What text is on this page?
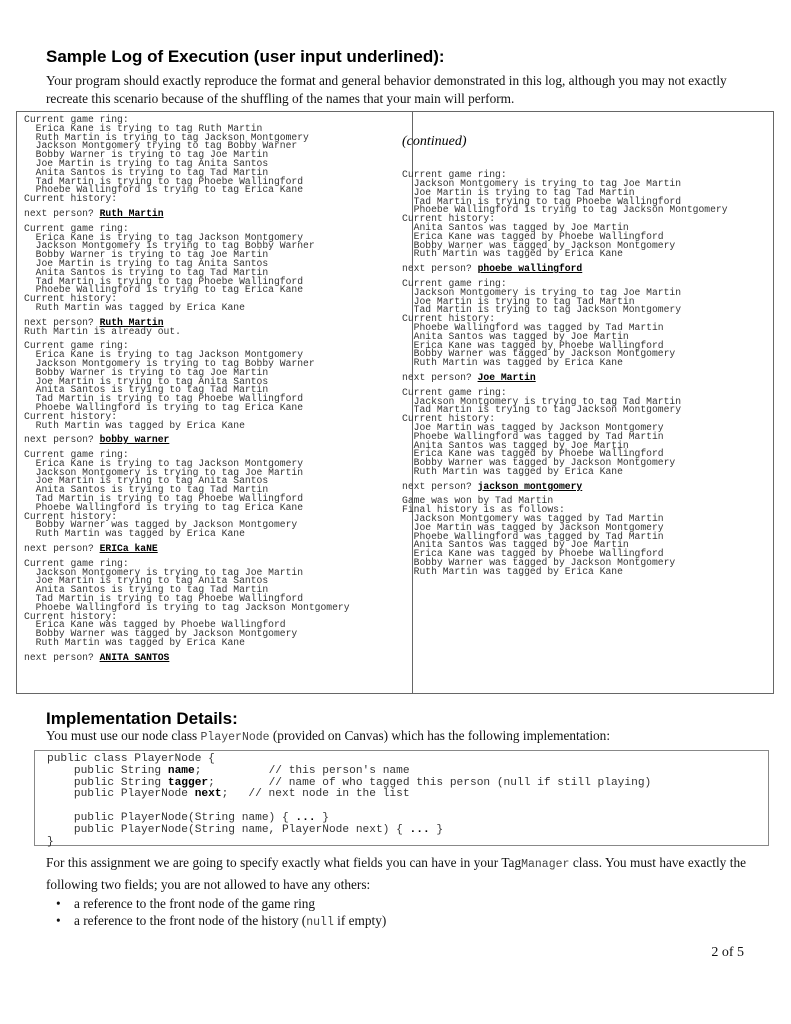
Sample Log of Execution (user input underlined):
Your program should exactly reproduce the format and general behavior demonstrated in this log, although you may not exactly recreate this scenario because of the shuffling of the names that your main will perform.
Current game ring:
Erica Kane is trying to tag Ruth Martin
Ruth Martin is trying to tag Jackson Montgomery
Jackson Montgomery trying to tag Bobby Warner
Bobby Warner is trying to tag Joe Martin
Joe Martin is trying to tag Anita Santos
Anita Santos is trying to tag Tad Martin
Tad Martin is trying to tag Phoebe Wallingford
Phoebe Wallingford is trying to tag Erica Kane
Current history:
next person? Ruth Martin
Current game ring:
Erica Kane is trying to tag Jackson Montgomery
Jackson Montgomery is trying to tag Bobby Warner
Bobby Warner is trying to tag Joe Martin
Joe Martin is trying to tag Anita Santos
Anita Santos is trying to tag Tad Martin
Tad Martin is trying to tag Phoebe Wallingford
Phoebe Wallingford is trying to tag Erica Kane
Current history:
Ruth Martin was tagged by Erica Kane
next person? Ruth Martin
Ruth Martin is already out.
Current game ring:
Erica Kane is trying to tag Jackson Montgomery
Jackson Montgomery is trying to tag Bobby Warner
Bobby Warner is trying to tag Joe Martin
Joe Martin is trying to tag Anita Santos
Anita Santos is trying to tag Tad Martin
Tad Martin is trying to tag Phoebe Wallingford
Phoebe Wallingford is trying to tag Erica Kane
Current history:
Ruth Martin was tagged by Erica Kane
next person? bobby warner
Current game ring:
Erica Kane is trying to tag Jackson Montgomery
Jackson Montgomery is trying to tag Joe Martin
Joe Martin is trying to tag Anita Santos
Anita Santos is trying to tag Tad Martin
Tad Martin is trying to tag Phoebe Wallingford
Phoebe Wallingford is trying to tag Erica Kane
Current history:
Bobby Warner was tagged by Jackson Montgomery
Ruth Martin was tagged by Erica Kane
next person? ERICa kaNE
Current game ring:
Jackson Montgomery is trying to tag Joe Martin
Joe Martin is trying to tag Anita Santos
Anita Santos is trying to tag Tad Martin
Tad Martin is trying to tag Phoebe Wallingford
Phoebe Wallingford is trying to tag Jackson Montgomery
Current history:
Erica Kane was tagged by Phoebe Wallingford
Bobby Warner was tagged by Jackson Montgomery
Ruth Martin was tagged by Erica Kane
next person? ANITA SANTOS

(continued)

Current game ring:
Jackson Montgomery is trying to tag Joe Martin
Joe Martin is trying to tag Tad Martin
Tad Martin is trying to tag Phoebe Wallingford
Phoebe Wallingford is trying to tag Jackson Montgomery
Current history:
Anita Santos was tagged by Joe Martin
Erica Kane was tagged by Phoebe Wallingford
Bobby Warner was tagged by Jackson Montgomery
Ruth Martin was tagged by Erica Kane
next person? phoebe wallingford
Current game ring:
Jackson Montgomery is trying to tag Joe Martin
Joe Martin is trying to tag Tad Martin
Tad Martin is trying to tag Jackson Montgomery
Current history:
Phoebe Wallingford was tagged by Tad Martin
Anita Santos was tagged by Joe Martin
Erica Kane was tagged by Phoebe Wallingford
Bobby Warner was tagged by Jackson Montgomery
Ruth Martin was tagged by Erica Kane
next person? Joe Martin
Current game ring:
Jackson Montgomery is trying to tag Tad Martin
Tad Martin is trying to tag Jackson Montgomery
Current history:
Joe Martin was tagged by Jackson Montgomery
Phoebe Wallingford was tagged by Tad Martin
Anita Santos was tagged by Joe Martin
Erica Kane was tagged by Phoebe Wallingford
Bobby Warner was tagged by Jackson Montgomery
Ruth Martin was tagged by Erica Kane
next person? jackson montgomery
Game was won by Tad Martin
Final history is as follows:
Jackson Montgomery was tagged by Tad Martin
Joe Martin was tagged by Jackson Montgomery
Phoebe Wallingford was tagged by Tad Martin
Anita Santos was tagged by Joe Martin
Erica Kane was tagged by Phoebe Wallingford
Bobby Warner was tagged by Jackson Montgomery
Ruth Martin was tagged by Erica Kane
Implementation Details:
You must use our node class PlayerNode (provided on Canvas) which has the following implementation:
public class PlayerNode {
public String name;          // this person's name
public String tagger;        // name of who tagged this person (null if still playing)
public PlayerNode next;   // next node in the list
public PlayerNode(String name) { ... }
public PlayerNode(String name, PlayerNode next) { ... }
}
For this assignment we are going to specify exactly what fields you can have in your TagManager class. You must have exactly the following two fields; you are not allowed to have any others:
• a reference to the front node of the game ring
• a reference to the front node of the history (null if empty)
2 of 5
